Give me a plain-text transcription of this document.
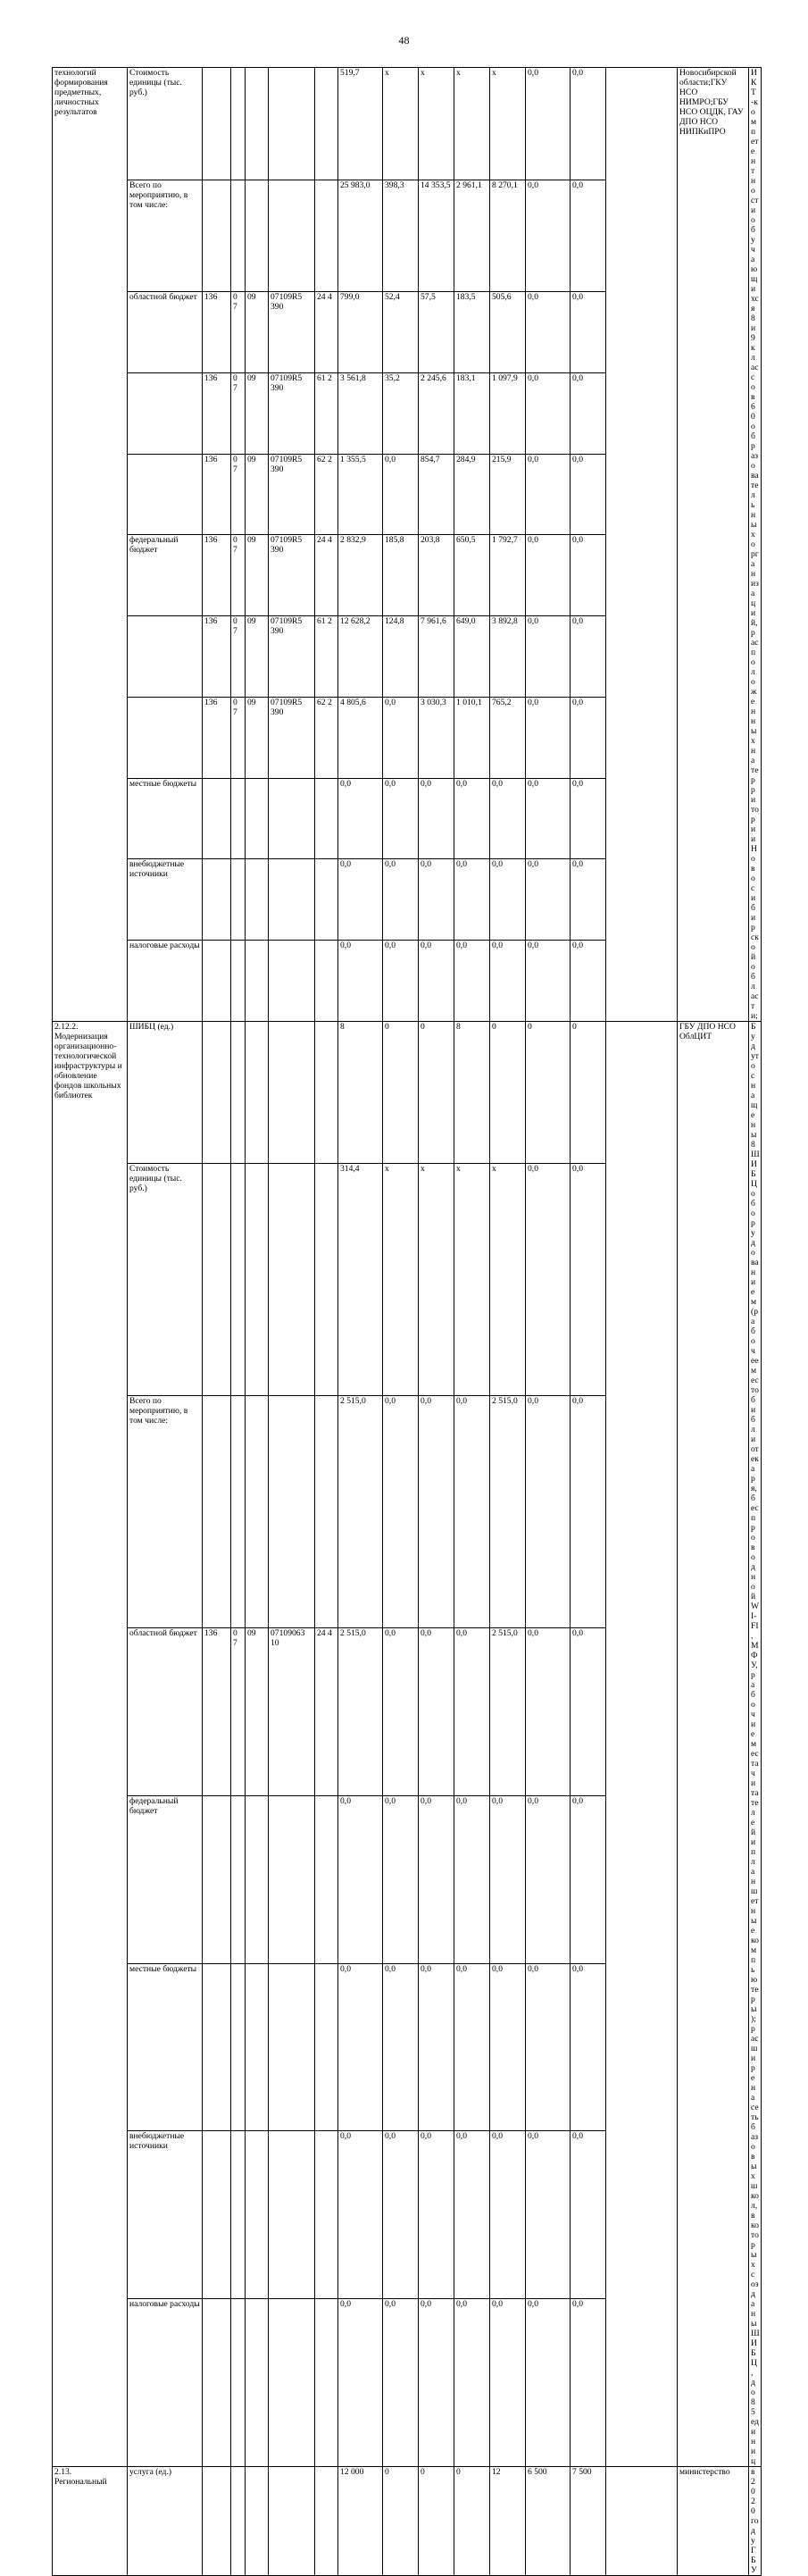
48
технологий формирования предметных, личностных результатов	Стоимость единицы (тыс. руб.)						519,7	х	х	х	х	0,0	0,0		Новосибирской области;ГКУ НСО НИМРО;ГБУ НСО ОЦДК, ГАУ ДПО НСО НИПКиПРО	ИКТ-компетентности обучающихся 8 и 9 классов 60 образовательных организаций, расположенных на территории Новосибирской области;
	Всего по мероприятию, в том числе:						25 983,0	398,3	14 353,5	2 961,1	8 270,1	0,0	0,0			
	областной бюджет	136	0 7	09	07109R5 390	24 4	799,0	52,4	57,5	183,5	505,6	0,0	0,0			
		136	0 7	09	07109R5 390	61 2	3 561,8	35,2	2 245,6	183,1	1 097,9	0,0	0,0			
		136	0 7	09	07109R5 390	62 2	1 355,5	0,0	854,7	284,9	215,9	0,0	0,0			
	федеральный бюджет	136	0 7	09	07109R5 390	24 4	2 832,9	185,8	203,8	650,5	1 792,7	0,0	0,0			
		136	0 7	09	07109R5 390	61 2	12 628,2	124,8	7 961,6	649,0	3 892,8	0,0	0,0			
		136	0 7	09	07109R5 390	62 2	4 805,6	0,0	3 030,3	1 010,1	765,2	0,0	0,0			
	местные бюджеты						0,0	0,0	0,0	0,0	0,0	0,0	0,0			
	внебюджетные источники						0,0	0,0	0,0	0,0	0,0	0,0	0,0			
	налоговые расходы						0,0	0,0	0,0	0,0	0,0	0,0	0,0			
2.12.2. Модернизация организационно-технологической инфраструктуры и обновление фондов школьных библиотек	ШИБЦ (ед.)						8	0	0	8	0	0	0		ГБУ ДПО НСО ОблЦИТ	Будут оснащены 8 ШИБЦ оборудованием (рабочее место библиотекаря, беспроводной WI-FI, МФУ, рабочие места читателей и планшетные компьютеры); расширена сеть базовых школ, в которых созданы ШИБЦ, до 85 единиц
	Стоимость единицы (тыс. руб.)						314,4	х	х	х	х	0,0	0,0			
	Всего по мероприятию, в том числе:						2 515,0	0,0	0,0	0,0	2 515,0	0,0	0,0			
	областной бюджет	136	0 7	09	07109063 10	24 4	2 515,0	0,0	0,0	0,0	2 515,0	0,0	0,0			
	федеральный бюджет						0,0	0,0	0,0	0,0	0,0	0,0	0,0			
	местные бюджеты						0,0	0,0	0,0	0,0	0,0	0,0	0,0			
	внебюджетные источники						0,0	0,0	0,0	0,0	0,0	0,0	0,0			
	налоговые расходы						0,0	0,0	0,0	0,0	0,0	0,0	0,0			
2.13. Региональный	услуга (ед.)						12 000	0	0	0	12	6 500	7 500		министерство	в 2020 году ГБУ
